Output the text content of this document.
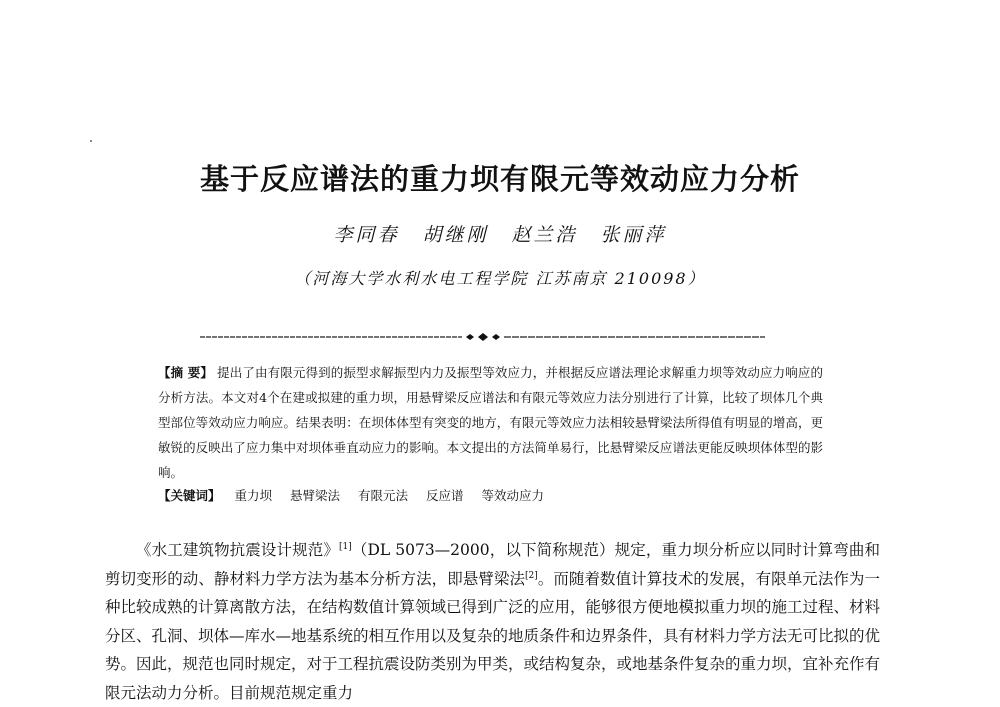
基于反应谱法的重力坝有限元等效动应力分析
李同春 胡继刚 赵兰浩 张丽萍
（河海大学水利水电工程学院 江苏南京 210098）
【摘 要】 提出了由有限元得到的振型求解振型内力及振型等效应力，并根据反应谱法理论求解重力坝等效动应力响应的分析方法。本文对4个在建或拟建的重力坝，用悬臂梁反应谱法和有限元等效应力法分别进行了计算，比较了坝体几个典型部位等效动应力响应。结果表明：在坝体体型有突变的地方，有限元等效应力法相较悬臂梁法所得值有明显的增高，更敏锐的反映出了应力集中对坝体垂直动应力的影响。本文提出的方法简单易行，比悬臂梁反应谱法更能反映坝体体型的影响。
【关键词】 重力坝 悬臂梁法 有限元法 反应谱 等效动应力
《水工建筑物抗震设计规范》[1]（DL 5073—2000，以下简称规范）规定，重力坝分析应以同时计算弯曲和剪切变形的动、静材料力学方法为基本分析方法，即悬臂梁法[2]。而随着数值计算技术的发展，有限单元法作为一种比较成熟的计算离散方法，在结构数值计算领域已得到广泛的应用，能够很方便地模拟重力坝的施工过程、材料分区、孔洞、坝体—库水—地基系统的相互作用以及复杂的地质条件和边界条件，具有材料力学方法无可比拟的优势。因此，规范也同时规定，对于工程抗震设防类别为甲类，或结构复杂，或地基条件复杂的重力坝，宜补充作有限元法动力分析。目前规范规定重力
